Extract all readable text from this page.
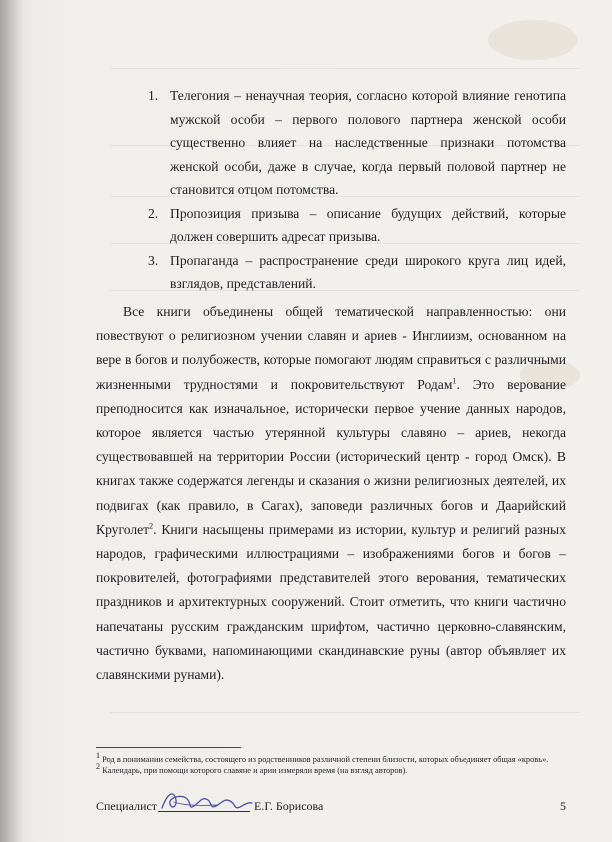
1. Телегония – ненаучная теория, согласно которой влияние генотипа мужской особи – первого полового партнера женской особи существенно влияет на наследственные признаки потомства женской особи, даже в случае, когда первый половой партнер не становится отцом потомства.
2. Пропозиция призыва – описание будущих действий, которые должен совершить адресат призыва.
3. Пропаганда – распространение среди широкого круга лиц идей, взглядов, представлений.

Все книги объединены общей тематической направленностью: они повествуют о религиозном учении славян и ариев - Инглиизм, основанном на вере в богов и полубожеств, которые помогают людям справиться с различными жизненными трудностями и покровительствуют Родам$^1$. Это верование преподносится как изначальное, исторически первое учение данных народов, которое является частью утерянной культуры славяно – ариев, некогда существовавшей на территории России (исторический центр - город Омск). В книгах также содержатся легенды и сказания о жизни религиозных деятелей, их подвигах (как правило, в Сагах), заповеди различных богов и Даарийский Круголет$^2$. Книги насыщены примерами из истории, культур и религий разных народов, графическими иллюстрациями – изображениями богов и богов – покровителей, фотографиями представителей этого верования, тематических праздников и архитектурных сооружений. Стоит отметить, что книги частично напечатаны русским гражданским шрифтом, частично церковно-славянским, частично буквами, напоминающими скандинавские руны (автор объявляет их славянскими рунами).

$^1$ Род в понимании семейства, состоящего из родственников различной степени близости, которых объединяет общая «кровь».

$^2$ Календарь, при помощи которого славяне и арии измеряли время (на взгляд авторов).

Специалист	Е.Г. Борисова	5
